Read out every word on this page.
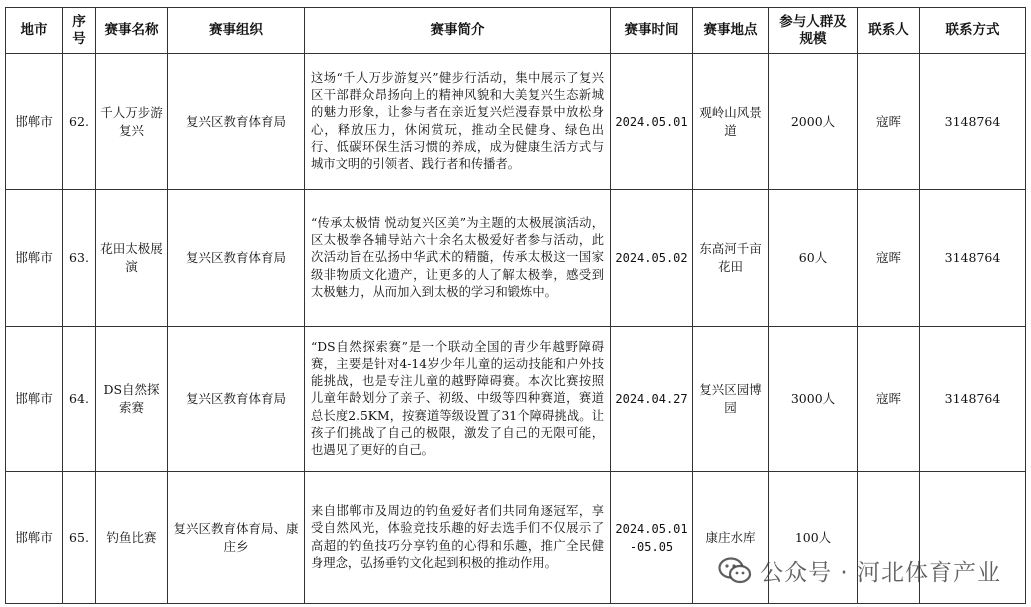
地市	序号	赛事名称	赛事组织	赛事简介	赛事时间	赛事地点	参与人群及规模	联系人	联系方式
邯郸市	62.	千人万步游复兴	复兴区教育体育局	这场“千人万步游复兴”健步行活动，集中展示了复兴区干部群众昂扬向上的精神风貌和大美复兴生态新城的魅力形象，让参与者在亲近复兴烂漫春景中放松身心，释放压力，休闲赏玩，推动全民健身、绿色出行、低碳环保生活习惯的养成，成为健康生活方式与城市文明的引领者、践行者和传播者。	2024.05.01	观岭山风景道	2000人	寇晖	3148764
邯郸市	63.	花田太极展演	复兴区教育体育局	“传承太极情 悦动复兴区美”为主题的太极展演活动，区太极拳各辅导站六十余名太极爱好者参与活动，此次活动旨在弘扬中华武术的精髓，传承太极这一国家级非物质文化遗产，让更多的人了解太极拳，感受到太极魅力，从而加入到太极的学习和锻炼中。	2024.05.02	东高河千亩花田	60人	寇晖	3148764
邯郸市	64.	DS自然探索赛	复兴区教育体育局	“DS自然探索赛”是一个联动全国的青少年越野障碍赛，主要是针对4-14岁少年儿童的运动技能和户外技能挑战，也是专注儿童的越野障碍赛。本次比赛按照儿童年龄划分了亲子、初级、中级等四种赛道，赛道总长度2.5KM，按赛道等级设置了31个障碍挑战。让孩子们挑战了自己的极限，激发了自己的无限可能，也遇见了更好的自己。	2024.04.27	复兴区园博园	3000人	寇晖	3148764
邯郸市	65.	钓鱼比赛	复兴区教育体育局、康庄乡	来自邯郸市及周边的钓鱼爱好者们共同角逐冠军，享受自然风光，体验竞技乐趣的好去选手们不仅展示了高超的钓鱼技巧分享钓鱼的心得和乐趣，推广全民健身理念，弘扬垂钓文化起到积极的推动作用。	2024.05.01-05.05	康庄水库	100人		
公众号 · 河北体育产业
